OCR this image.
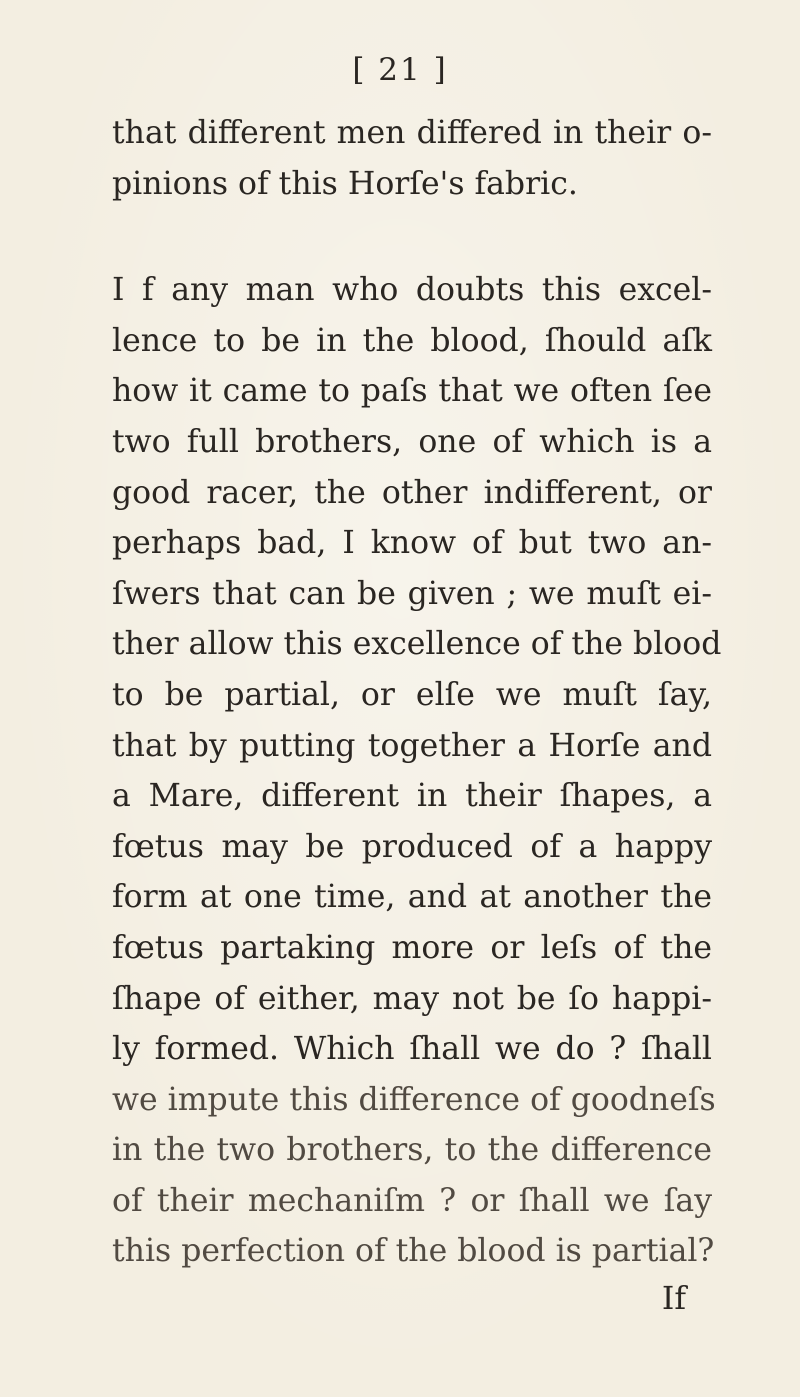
[ 21 ]
that different men differed in their o-
pinions of this Horſe's fabric.
I f any man who doubts this excel-
lence to be in the blood, ſhould aſk
how it came to paſs that we often ſee
two full brothers, one of which is a
good racer, the other indifferent, or
perhaps bad, I know of but two an-
ſwers that can be given ; we muſt ei-
ther allow this excellence of the blood
to be partial, or elſe we muſt ſay,
that by putting together a Horſe and
a Mare, different in their ſhapes, a
fœtus may be produced of a happy
form at one time, and at another the
fœtus partaking more or leſs of the
ſhape of either, may not be ſo happi-
ly formed. Which ſhall we do ? ſhall
we impute this difference of goodneſs
in the two brothers, to the difference
of their mechaniſm ? or ſhall we ſay
this perfection of the blood is partial?
If
